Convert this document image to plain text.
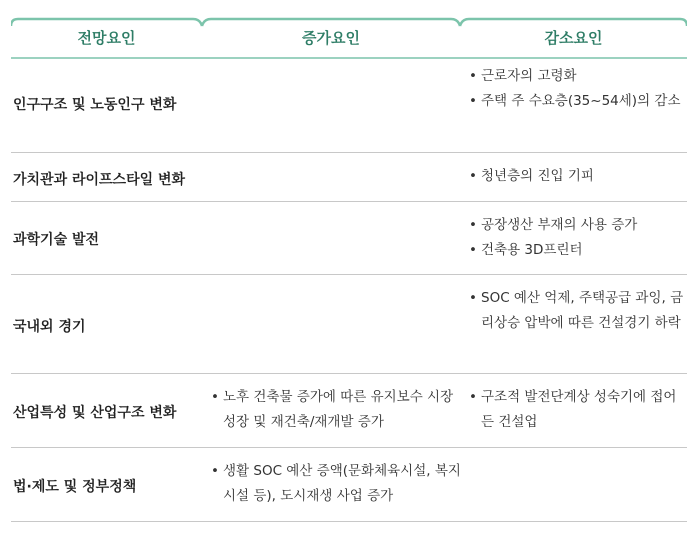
전망요인	증가요인	감소요인
인구구조 및 노동인구 변화
• 근로자의 고령화
• 주택 주 수요층(35~54세)의 감소
가치관과 라이프스타일 변화
•	청년층의 진입 기피
과학기술 발전
• 공장생산 부재의 사용 증가
• 건축용 3D프린터
국내외 경기
• SOC 예산 억제, 주택공급 과잉, 금리상승 압박에 따른 건설경기 하락
산업특성 및 산업구조 변화
• 노후 건축물 증가에 따른 유지보수 시장 성장 및 재건축/재개발 증가
• 구조적 발전단계상 성숙기에 접어든 건설업
법·제도 및 정부정책
• 생활 SOC 예산 증액(문화체육시설, 복지시설 등), 도시재생 사업 증가
